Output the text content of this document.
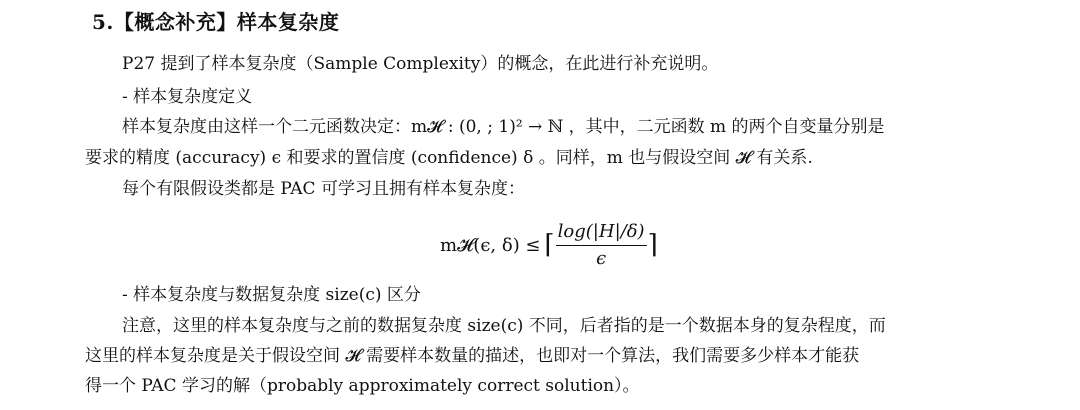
5.【概念补充】样本复杂度
P27 提到了样本复杂度（Sample Complexity）的概念，在此进行补充说明。
- 样本复杂度定义
样本复杂度由这样一个二元函数决定：m𝓗 : (0, ; 1)² → ℕ ，其中，二元函数 m 的两个自变量分别是
要求的精度 (accuracy) ϵ 和要求的置信度 (confidence) δ 。同样，m 也与假设空间 𝓗 有关系.
每个有限假设类都是 PAC 可学习且拥有样本复杂度：
m𝓗(ϵ, δ) ≤ ⌈ $\frac{\log(|H|/\delta)}{\epsilon}$ ⌉
- 样本复杂度与数据复杂度 size(c) 区分
注意，这里的样本复杂度与之前的数据复杂度 size(c) 不同，后者指的是一个数据本身的复杂程度，而
这里的样本复杂度是关于假设空间 𝓗 需要样本数量的描述，也即对一个算法，我们需要多少样本才能获
得一个 PAC 学习的解（probably approximately correct solution）。
